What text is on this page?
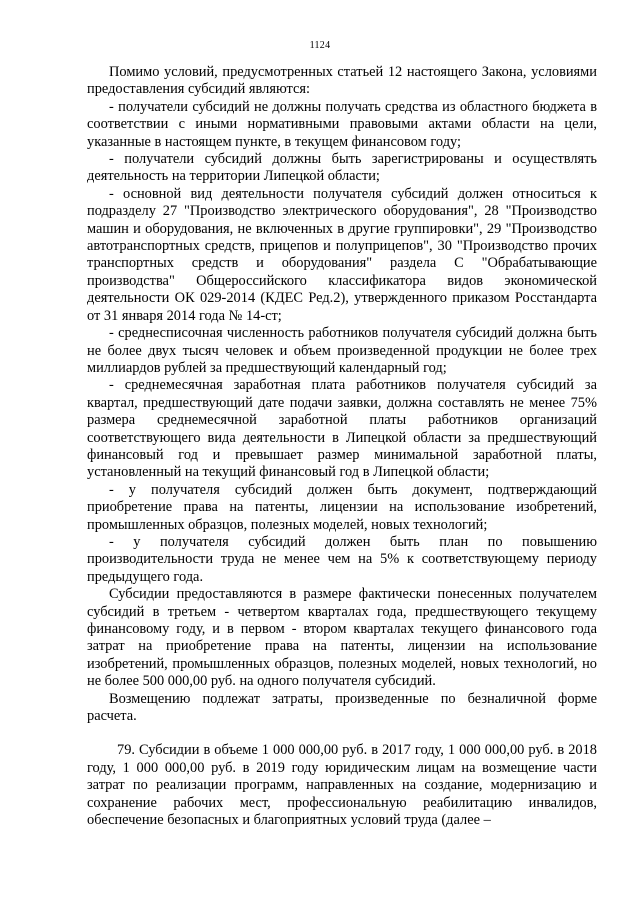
1124

Помимо условий, предусмотренных статьей 12 настоящего Закона, условиями предоставления субсидий являются:

- получатели субсидий не должны получать средства из областного бюджета в соответствии с иными нормативными правовыми актами области на цели, указанные в настоящем пункте, в текущем финансовом году;

- получатели субсидий должны быть зарегистрированы и осуществлять деятельность на территории Липецкой области;

- основной вид деятельности получателя субсидий должен относиться к подразделу 27 "Производство электрического оборудования", 28 "Производство машин и оборудования, не включенных в другие группировки", 29 "Производство автотранспортных средств, прицепов и полуприцепов", 30 "Производство прочих транспортных средств и оборудования" раздела С "Обрабатывающие производства" Общероссийского классификатора видов экономической деятельности ОК 029-2014 (КДЕС Ред.2), утвержденного приказом Росстандарта от 31 января 2014 года № 14-ст;

- среднесписочная численность работников получателя субсидий должна быть не более двух тысяч человек и объем произведенной продукции не более трех миллиардов рублей за предшествующий календарный год;

- среднемесячная заработная плата работников получателя субсидий за квартал, предшествующий дате подачи заявки, должна составлять не менее 75% размера среднемесячной заработной платы работников организаций соответствующего вида деятельности в Липецкой области за предшествующий финансовый год и превышает размер минимальной заработной платы, установленный на текущий финансовый год в Липецкой области;

- у получателя субсидий должен быть документ, подтверждающий приобретение права на патенты, лицензии на использование изобретений, промышленных образцов, полезных моделей, новых технологий;

- у получателя субсидий должен быть план по повышению производительности труда не менее чем на 5% к соответствующему периоду предыдущего года.

Субсидии предоставляются в размере фактически понесенных получателем субсидий в третьем - четвертом кварталах года, предшествующего текущему финансовому году, и в первом - втором кварталах текущего финансового года затрат на приобретение права на патенты, лицензии на использование изобретений, промышленных образцов, полезных моделей, новых технологий, но не более 500 000,00 руб. на одного получателя субсидий.

Возмещению подлежат затраты, произведенные по безналичной форме расчета.

79. Субсидии в объеме 1 000 000,00 руб. в 2017 году, 1 000 000,00 руб. в 2018 году, 1 000 000,00 руб. в 2019 году юридическим лицам на возмещение части затрат по реализации программ, направленных на создание, модернизацию и сохранение рабочих мест, профессиональную реабилитацию инвалидов, обеспечение безопасных и благоприятных условий труда (далее –
